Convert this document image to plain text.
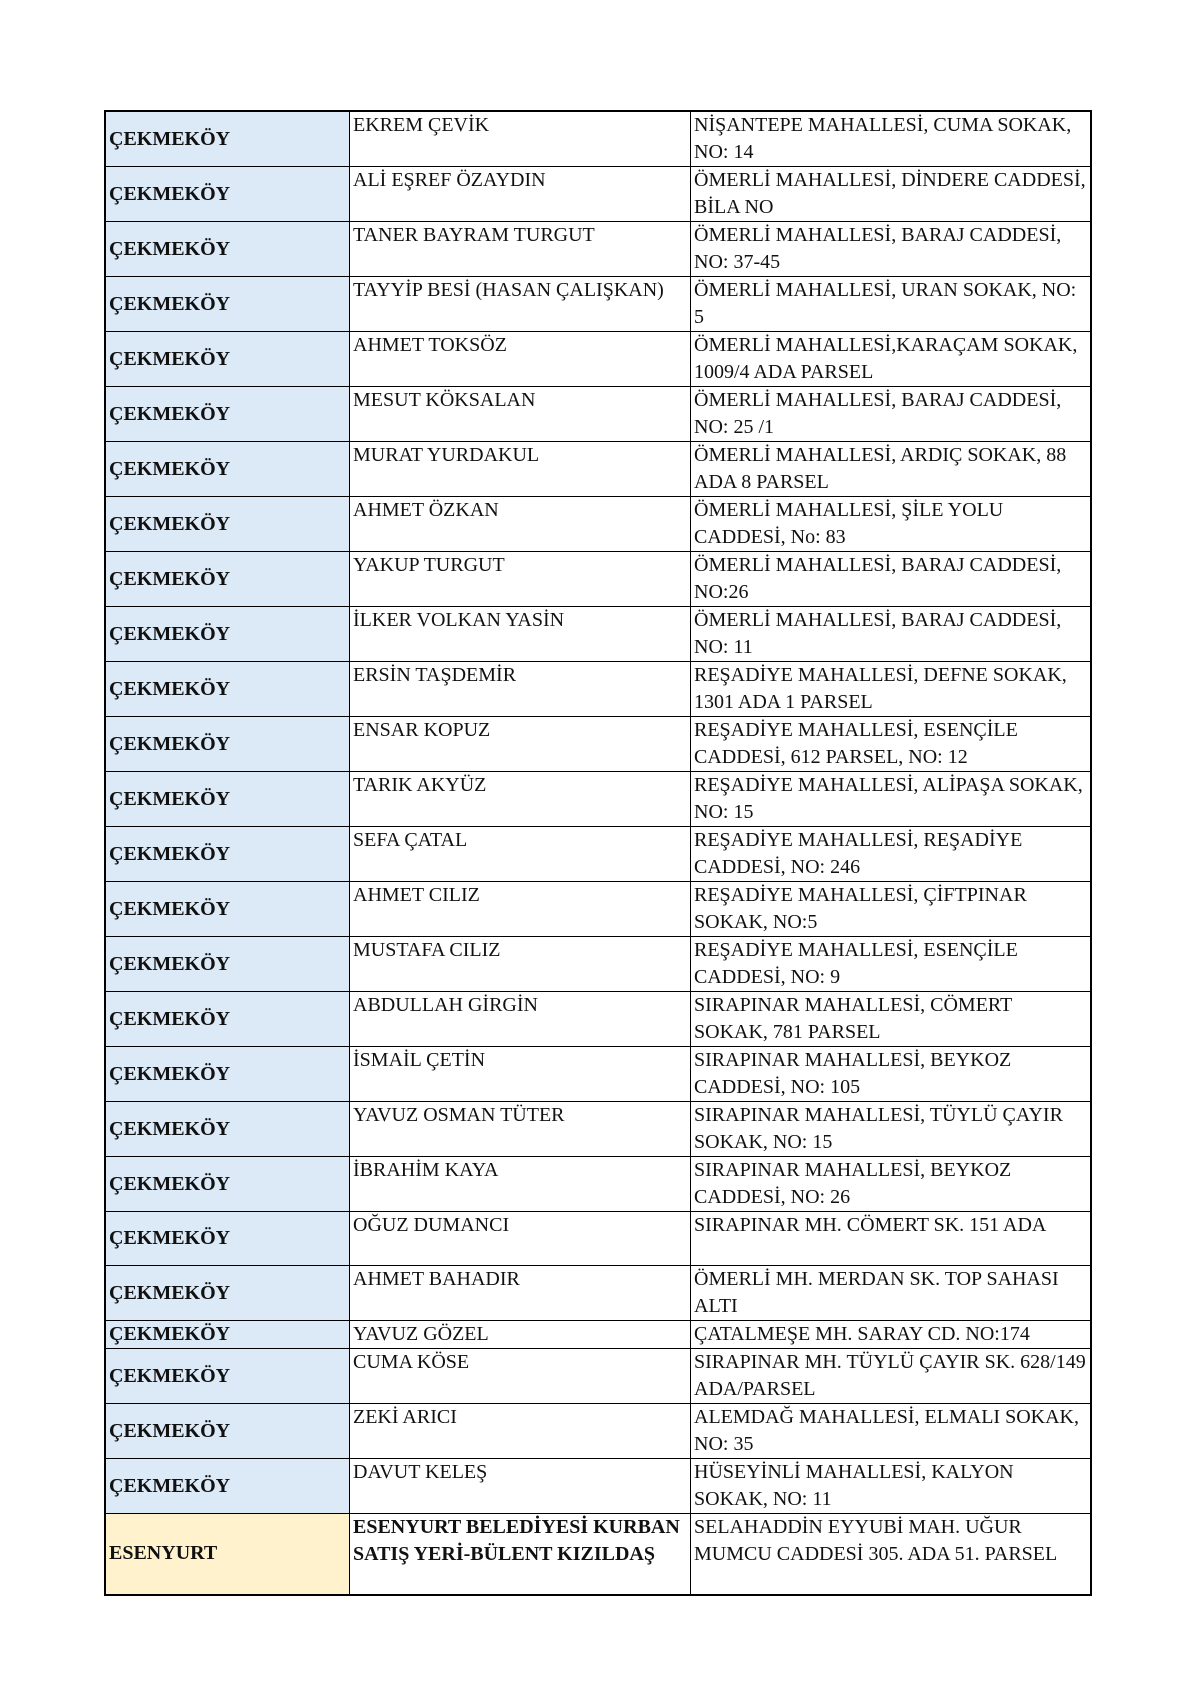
ÇEKMEKÖY	EKREM ÇEVİK	NİŞANTEPE MAHALLESİ, CUMA SOKAK, NO: 14
ÇEKMEKÖY	ALİ EŞREF ÖZAYDIN	ÖMERLİ MAHALLESİ, DİNDERE CADDESİ, BİLA NO
ÇEKMEKÖY	TANER BAYRAM TURGUT	ÖMERLİ MAHALLESİ, BARAJ CADDESİ, NO: 37-45
ÇEKMEKÖY	TAYYİP BESİ (HASAN ÇALIŞKAN)	ÖMERLİ MAHALLESİ, URAN SOKAK, NO: 5
ÇEKMEKÖY	AHMET TOKSÖZ	ÖMERLİ MAHALLESİ,KARAÇAM SOKAK, 1009/4 ADA PARSEL
ÇEKMEKÖY	MESUT KÖKSALAN	ÖMERLİ MAHALLESİ, BARAJ CADDESİ, NO: 25 /1
ÇEKMEKÖY	MURAT YURDAKUL	ÖMERLİ MAHALLESİ, ARDIÇ SOKAK, 88 ADA 8 PARSEL
ÇEKMEKÖY	AHMET ÖZKAN	ÖMERLİ MAHALLESİ, ŞİLE YOLU CADDESİ, No: 83
ÇEKMEKÖY	YAKUP TURGUT	ÖMERLİ MAHALLESİ, BARAJ CADDESİ, NO:26
ÇEKMEKÖY	İLKER VOLKAN YASİN	ÖMERLİ MAHALLESİ, BARAJ CADDESİ, NO: 11
ÇEKMEKÖY	ERSİN TAŞDEMİR	REŞADİYE MAHALLESİ, DEFNE SOKAK, 1301 ADA 1 PARSEL
ÇEKMEKÖY	ENSAR KOPUZ	REŞADİYE MAHALLESİ, ESENÇİLE CADDESİ, 612 PARSEL, NO: 12
ÇEKMEKÖY	TARIK AKYÜZ	REŞADİYE MAHALLESİ, ALİPAŞA SOKAK, NO: 15
ÇEKMEKÖY	SEFA ÇATAL	REŞADİYE MAHALLESİ, REŞADİYE CADDESİ, NO: 246
ÇEKMEKÖY	AHMET CILIZ	REŞADİYE MAHALLESİ, ÇİFTPINAR SOKAK, NO:5
ÇEKMEKÖY	MUSTAFA CILIZ	REŞADİYE MAHALLESİ, ESENÇİLE CADDESİ, NO: 9
ÇEKMEKÖY	ABDULLAH GİRGİN	SIRAPINAR MAHALLESİ, CÖMERT SOKAK, 781 PARSEL
ÇEKMEKÖY	İSMAİL ÇETİN	SIRAPINAR MAHALLESİ, BEYKOZ CADDESİ, NO: 105
ÇEKMEKÖY	YAVUZ OSMAN TÜTER	SIRAPINAR MAHALLESİ, TÜYLÜ ÇAYIR SOKAK, NO: 15
ÇEKMEKÖY	İBRAHİM KAYA	SIRAPINAR MAHALLESİ, BEYKOZ CADDESİ, NO: 26
ÇEKMEKÖY	OĞUZ DUMANCI	SIRAPINAR MH. CÖMERT SK. 151 ADA
ÇEKMEKÖY	AHMET BAHADIR	ÖMERLİ MH. MERDAN SK. TOP SAHASI ALTI
ÇEKMEKÖY	YAVUZ GÖZEL	ÇATALMEŞE MH. SARAY CD. NO:174
ÇEKMEKÖY	CUMA KÖSE	SIRAPINAR MH. TÜYLÜ ÇAYIR SK. 628/149 ADA/PARSEL
ÇEKMEKÖY	ZEKİ ARICI	ALEMDAĞ MAHALLESİ, ELMALI SOKAK, NO: 35
ÇEKMEKÖY	DAVUT KELEŞ	HÜSEYİNLİ MAHALLESİ, KALYON SOKAK, NO: 11
ESENYURT	ESENYURT BELEDİYESİ KURBAN SATIŞ YERİ-BÜLENT KIZILDAŞ	SELAHADDİN EYYUBİ MAH. UĞUR MUMCU CADDESİ 305. ADA 51. PARSEL
